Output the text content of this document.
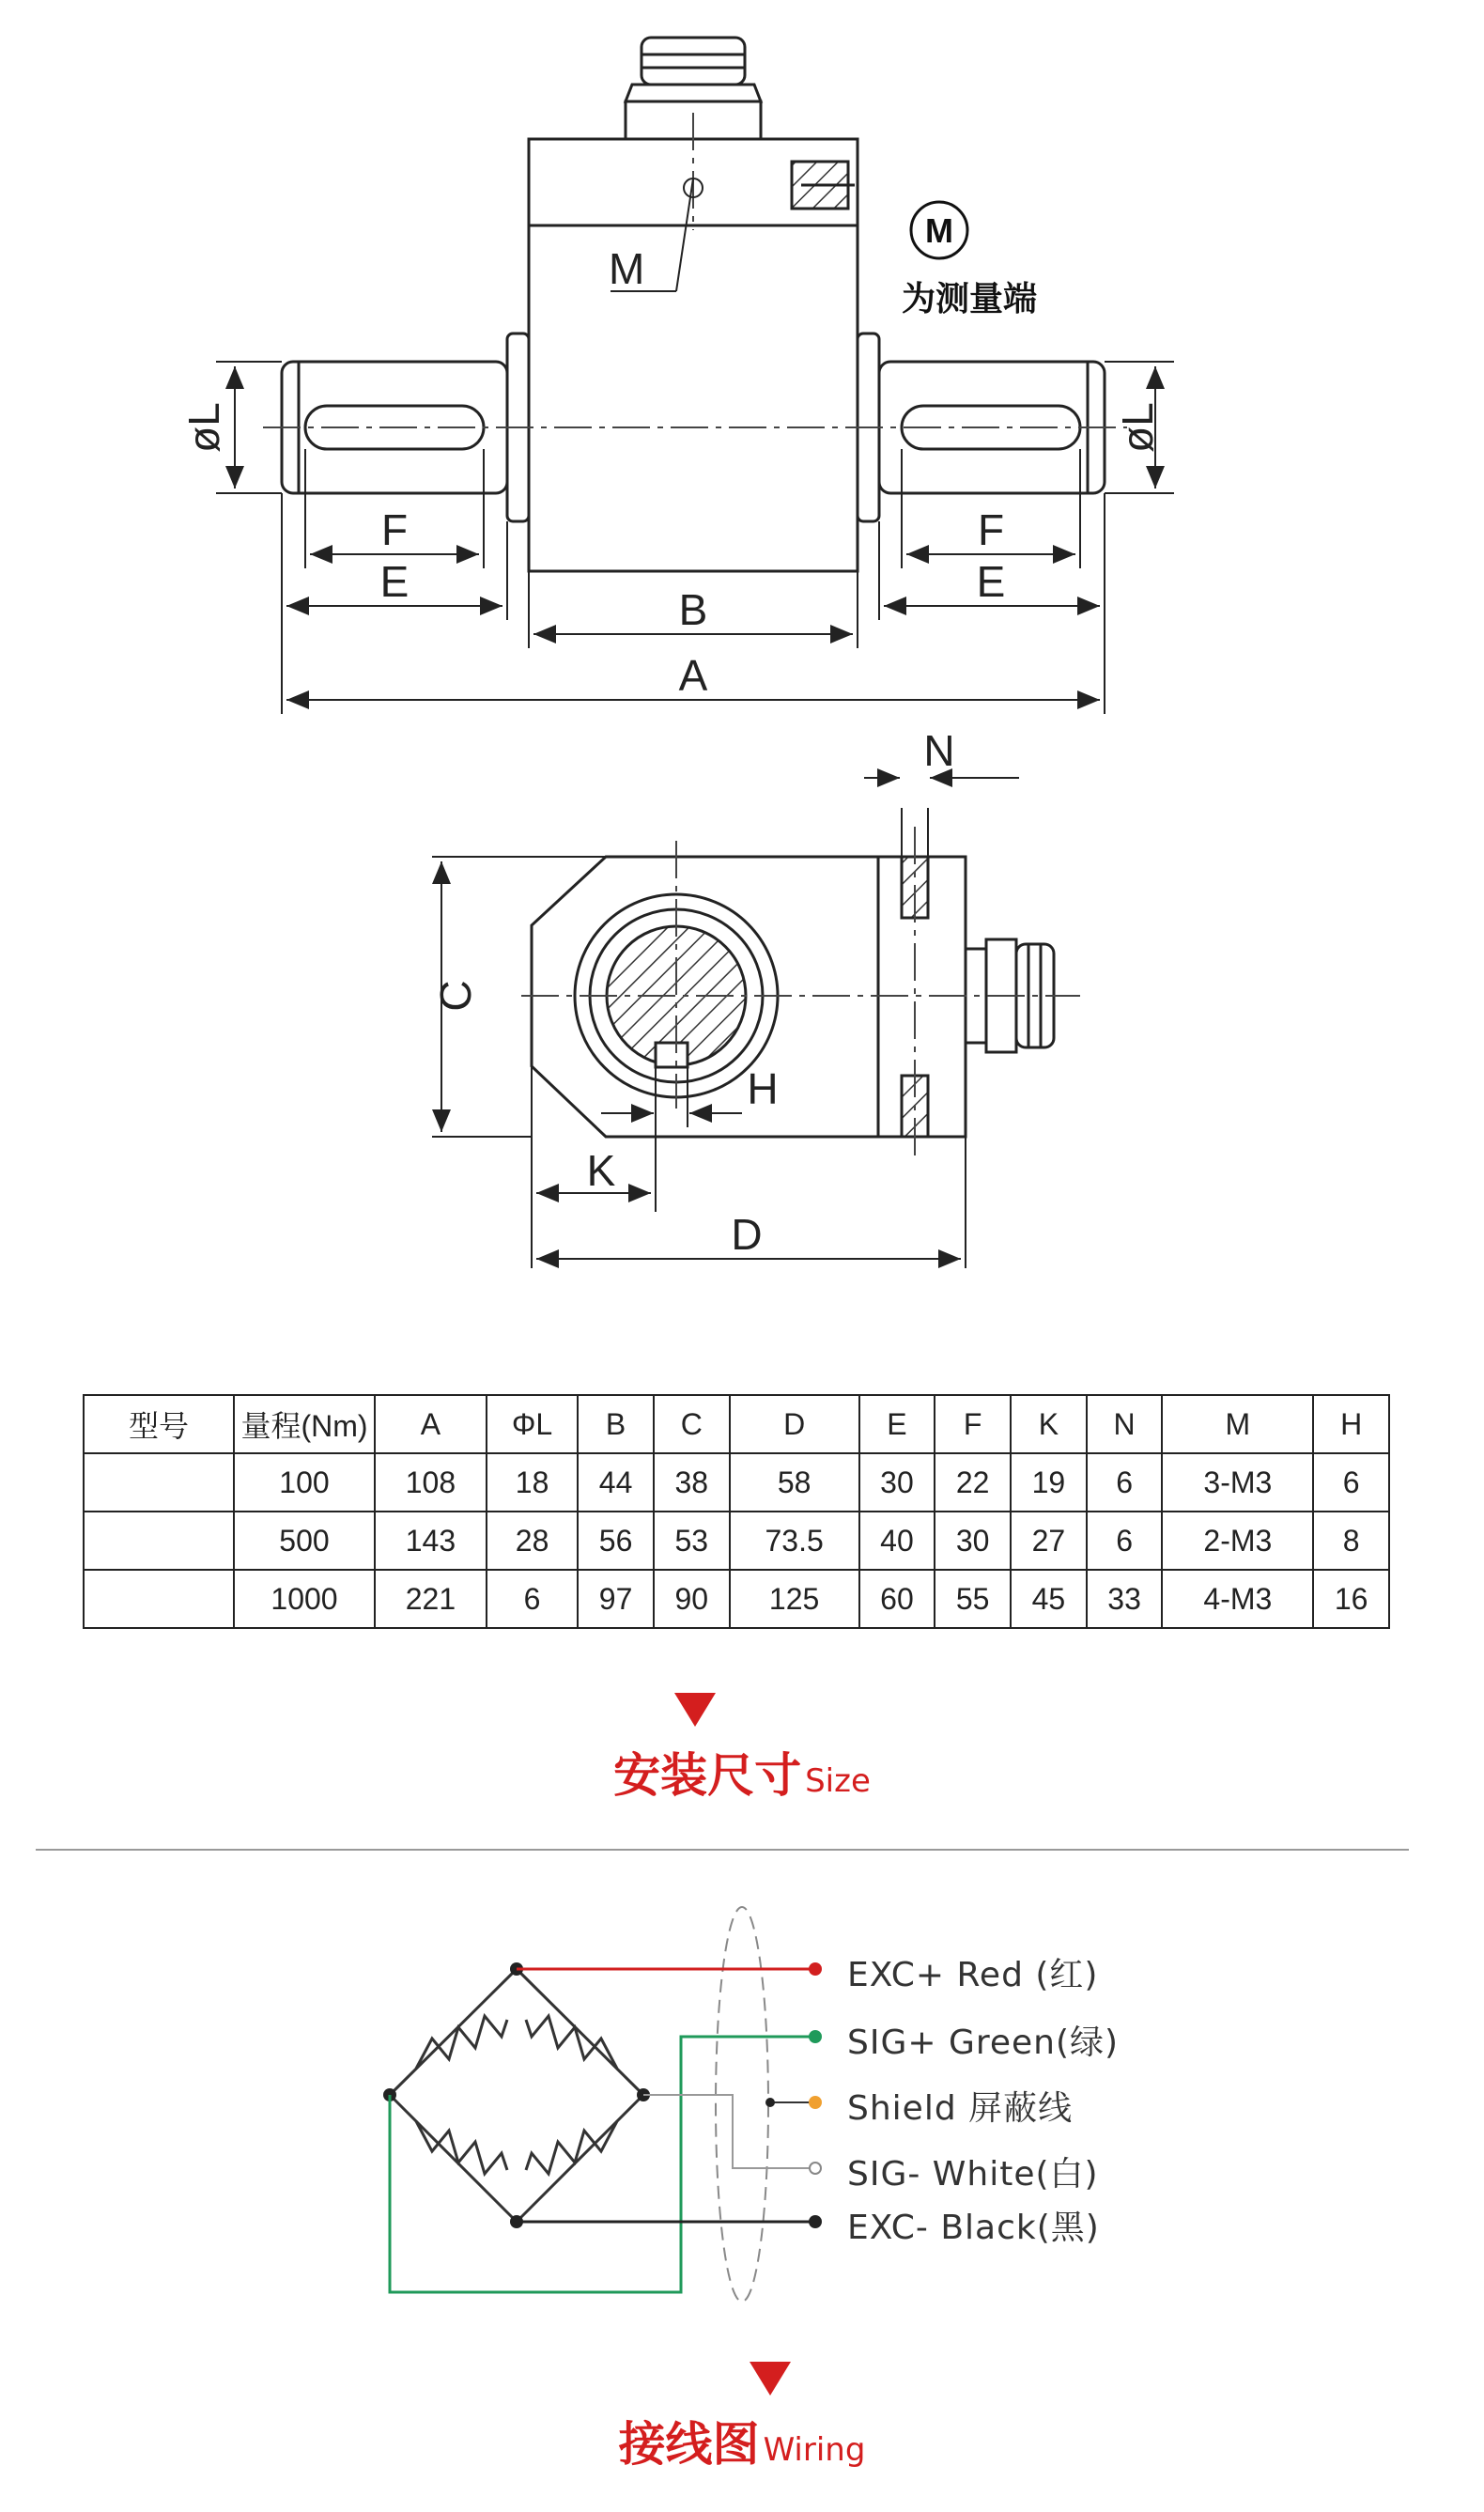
M
M
为测量端
øL	øL
F
E
F
E
B
A
N
C
H
K
D
型号	量程(Nm)	A	ΦL	B	C	D	E	F	K	N	M	H
	100	108	18	44	38	58	30	22	19	6	3-M3	6
	500	143	28	56	53	73.5	40	30	27	6	2-M3	8
	1000	221	6	97	90	125	60	55	45	33	4-M3	16
安装尺寸 Size
EXC+ Red (红)
SIG+ Green(绿)
Shield 屏蔽线
SIG- White(白)
EXC- Black(黑)
接线图 Wiring
